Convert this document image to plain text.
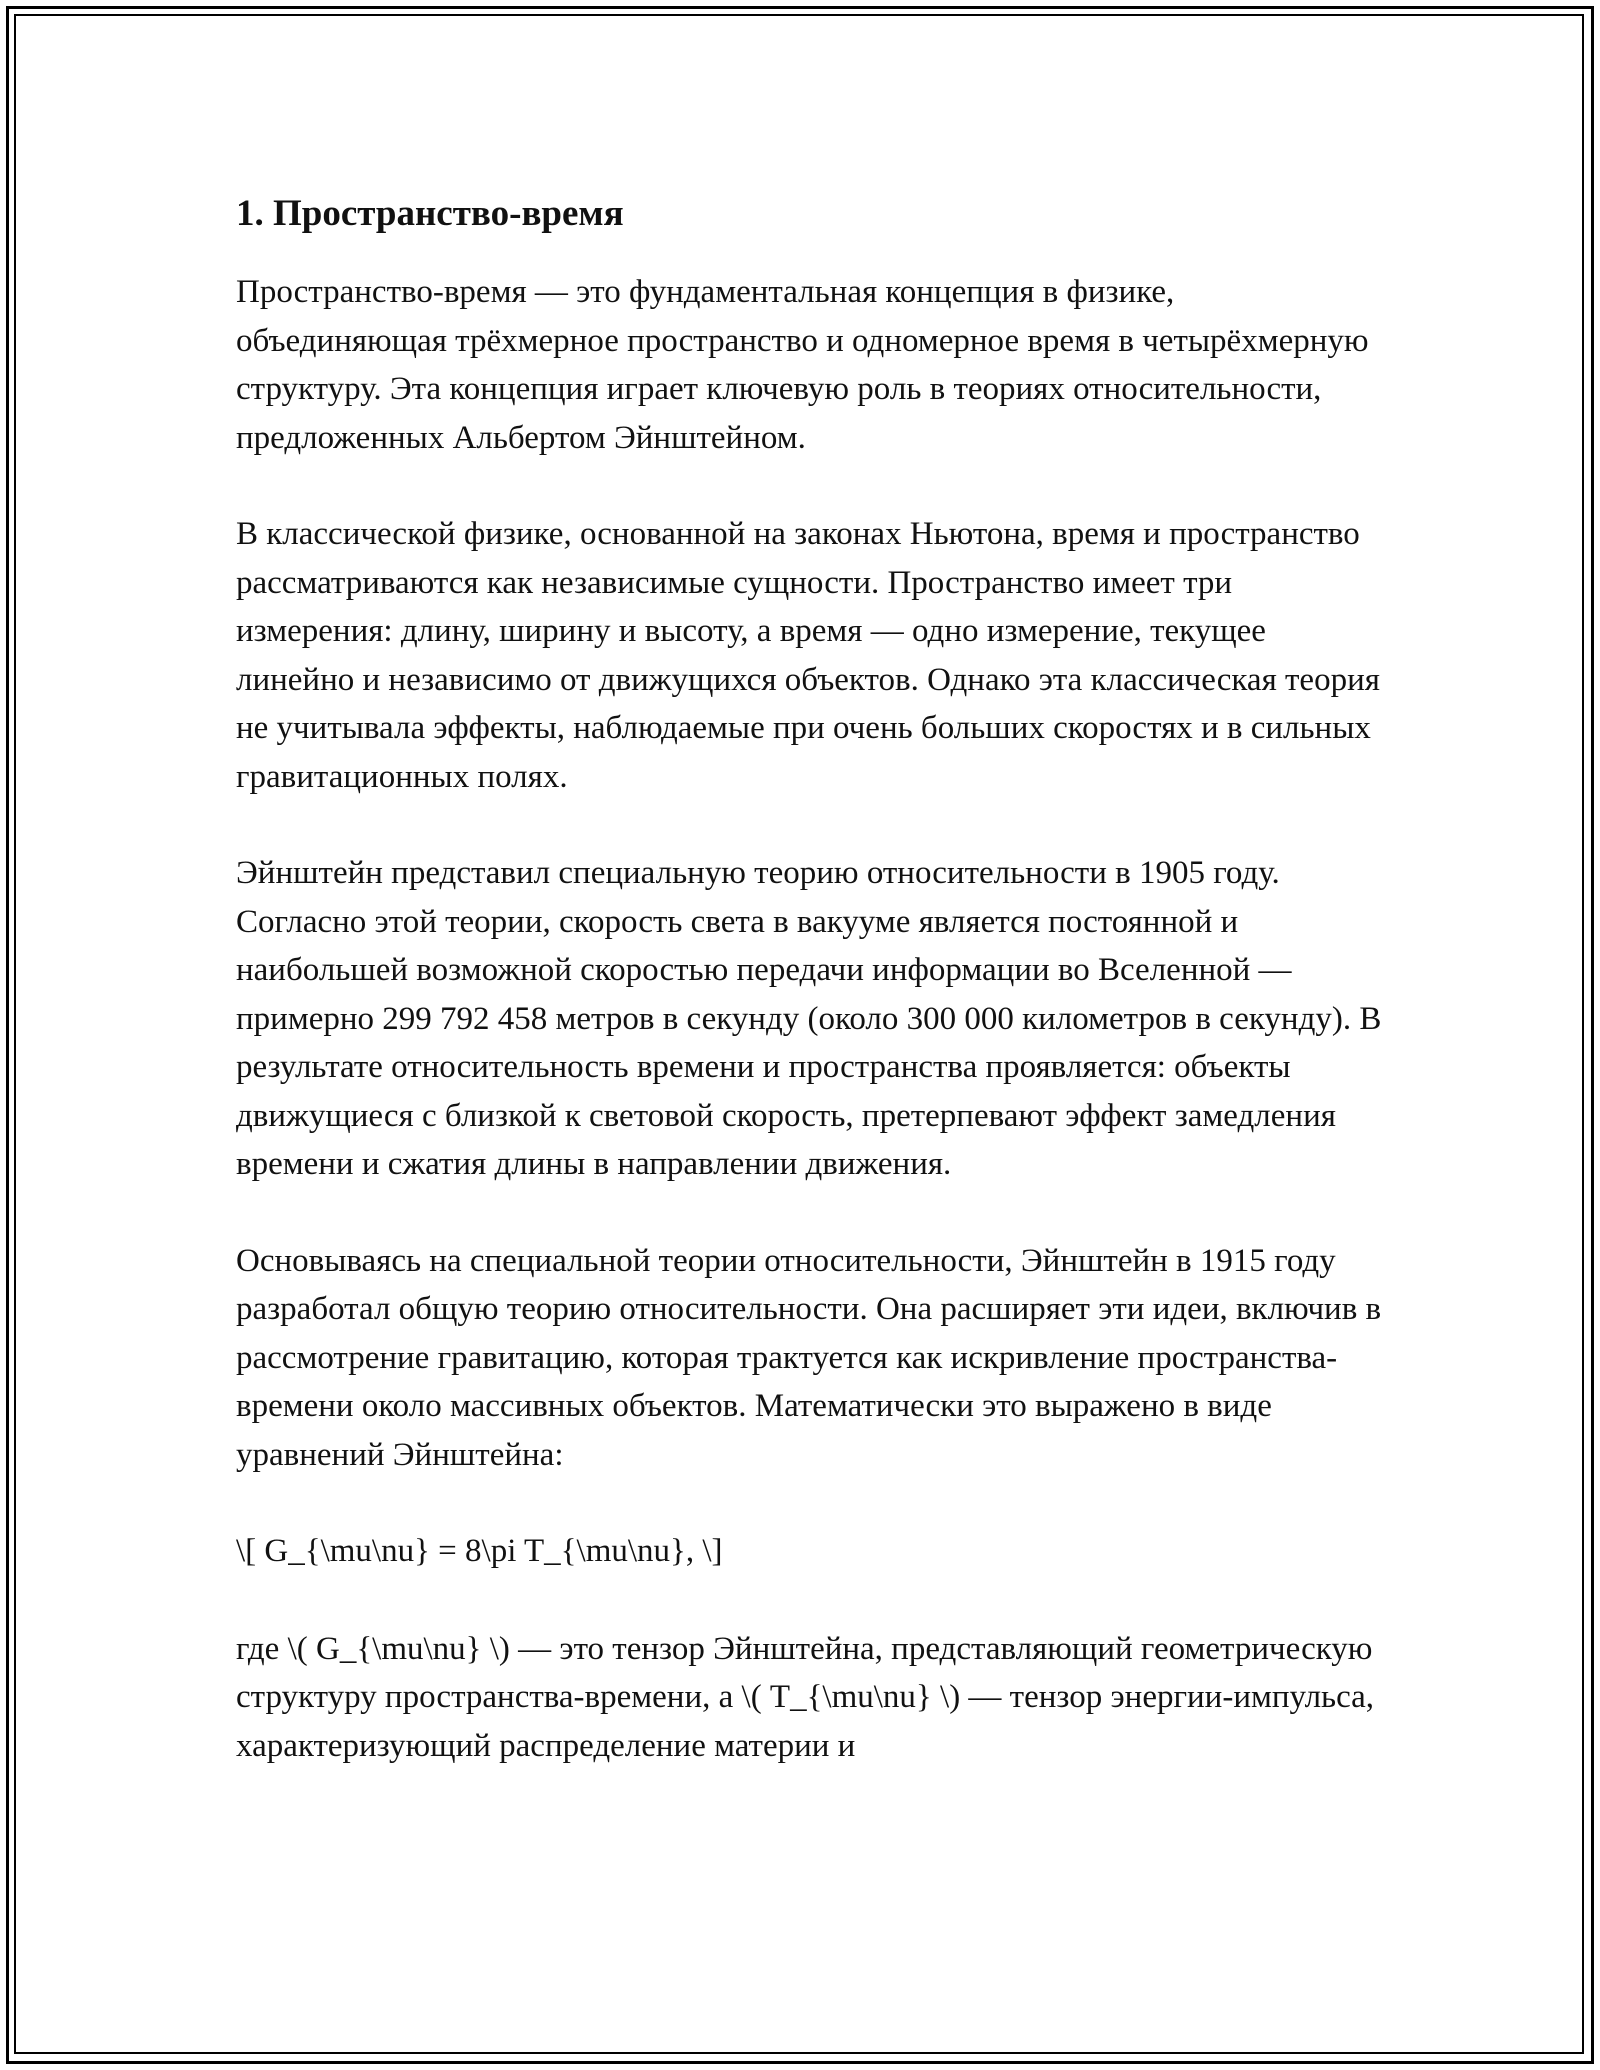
1. Пространство-время

Пространство-время — это фундаментальная концепция в физике, объединяющая трёхмерное пространство и одномерное время в четырёхмерную структуру. Эта концепция играет ключевую роль в теориях относительности, предложенных Альбертом Эйнштейном.

В классической физике, основанной на законах Ньютона, время и пространство рассматриваются как независимые сущности. Пространство имеет три измерения: длину, ширину и высоту, а время — одно измерение, текущее линейно и независимо от движущихся объектов. Однако эта классическая теория не учитывала эффекты, наблюдаемые при очень больших скоростях и в сильных гравитационных полях.

Эйнштейн представил специальную теорию относительности в 1905 году. Согласно этой теории, скорость света в вакууме является постоянной и наибольшей возможной скоростью передачи информации во Вселенной — примерно 299 792 458 метров в секунду (около 300 000 километров в секунду). В результате относительность времени и пространства проявляется: объекты движущиеся с близкой к световой скорость, претерпевают эффект замедления времени и сжатия длины в направлении движения.

Основываясь на специальной теории относительности, Эйнштейн в 1915 году разработал общую теорию относительности. Она расширяет эти идеи, включив в рассмотрение гравитацию, которая трактуется как искривление пространства-времени около массивных объектов. Математически это выражено в виде уравнений Эйнштейна:

\[ G_{\mu\nu} = 8\pi T_{\mu\nu}, \]

где \( G_{\mu\nu} \) — это тензор Эйнштейна, представляющий геометрическую структуру пространства-времени, а \( T_{\mu\nu} \) — тензор энергии-импульса, характеризующий распределение материи и
